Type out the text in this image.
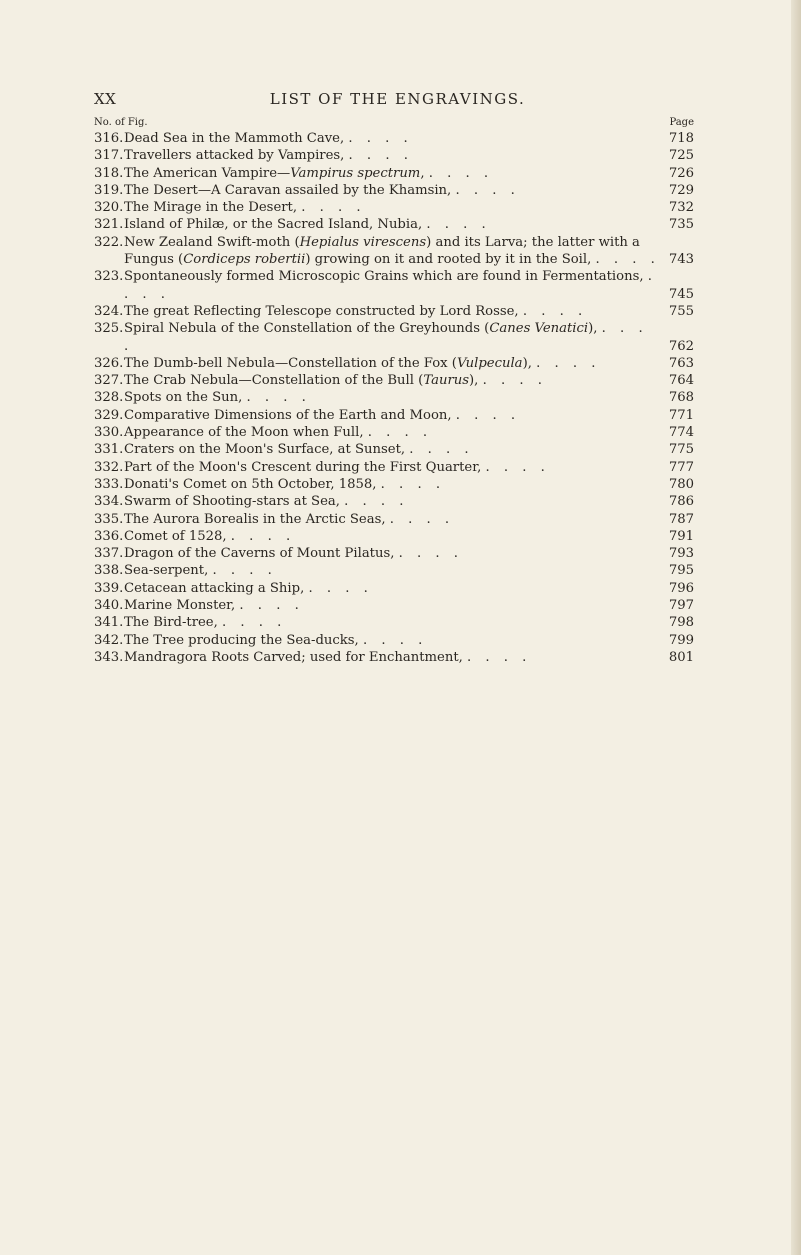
XX	LIST OF THE ENGRAVINGS.
No. of Fig.	Page
316. Dead Sea in the Mammoth Cave, . . . .	718
317. Travellers attacked by Vampires, . . . .	725
318. The American Vampire—Vampirus spectrum, . . . .	726
319. The Desert—A Caravan assailed by the Khamsin, . . . .	729
320. The Mirage in the Desert, . . . .	732
321. Island of Philæ, or the Sacred Island, Nubia, . . . .	735
322. New Zealand Swift-moth (Hepialus virescens) and its Larva; the latter with a Fungus (Cordiceps robertii) growing on it and rooted by it in the Soil, . . . . 743
323. Spontaneously formed Microscopic Grains which are found in Fermentations, . . . .	745
324. The great Reflecting Telescope constructed by Lord Rosse, . . . .	755
325. Spiral Nebula of the Constellation of the Greyhounds (Canes Venatici), . . . .	762
326. The Dumb-bell Nebula—Constellation of the Fox (Vulpecula), . . . .	763
327. The Crab Nebula—Constellation of the Bull (Taurus), . . . .	764
328. Spots on the Sun, . . . .	768
329. Comparative Dimensions of the Earth and Moon, . . . .	771
330. Appearance of the Moon when Full, . . . .	774
331. Craters on the Moon's Surface, at Sunset, . . . .	775
332. Part of the Moon's Crescent during the First Quarter, . . . .	777
333. Donati's Comet on 5th October, 1858, . . . .	780
334. Swarm of Shooting-stars at Sea, . . . .	786
335. The Aurora Borealis in the Arctic Seas, . . . .	787
336. Comet of 1528, . . . .	791
337. Dragon of the Caverns of Mount Pilatus, . . . .	793
338. Sea-serpent, . . . .	795
339. Cetacean attacking a Ship, . . . .	796
340. Marine Monster, . . . .	797
341. The Bird-tree, . . . .	798
342. The Tree producing the Sea-ducks, . . . .	799
343. Mandragora Roots Carved; used for Enchantment, . . . .	801
